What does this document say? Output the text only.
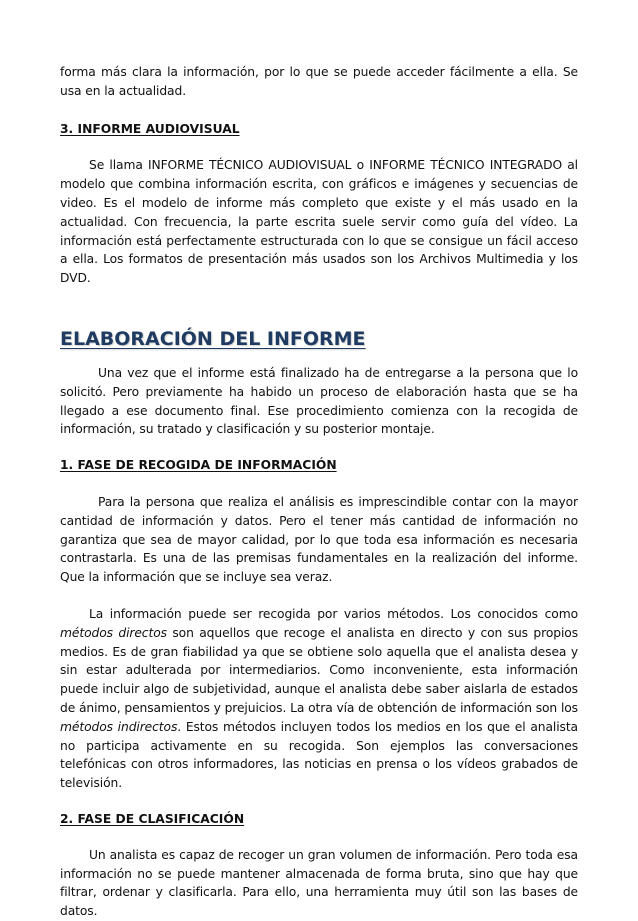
forma más clara la información, por lo que se puede acceder fácilmente a ella. Se usa en la actualidad.

3. INFORME AUDIOVISUAL

Se llama INFORME TÉCNICO AUDIOVISUAL o INFORME TÉCNICO INTEGRADO al modelo que combina información escrita, con gráficos e imágenes y secuencias de video. Es el modelo de informe más completo que existe y el más usado en la actualidad. Con frecuencia, la parte escrita suele servir como guía del vídeo. La información está perfectamente estructurada con lo que se consigue un fácil acceso a ella. Los formatos de presentación más usados son los Archivos Multimedia y los DVD.

ELABORACIÓN DEL INFORME

Una vez que el informe está finalizado ha de entregarse a la persona que lo solicitó. Pero previamente ha habido un proceso de elaboración hasta que se ha llegado a ese documento final. Ese procedimiento comienza con la recogida de información, su tratado y clasificación y su posterior montaje.

1. FASE DE RECOGIDA DE INFORMACIÓN

Para la persona que realiza el análisis es imprescindible contar con la mayor cantidad de información y datos. Pero el tener más cantidad de información no garantiza que sea de mayor calidad, por lo que toda esa información es necesaria contrastarla. Es una de las premisas fundamentales en la realización del informe. Que la información que se incluye sea veraz.

La información puede ser recogida por varios métodos. Los conocidos como métodos directos son aquellos que recoge el analista en directo y con sus propios medios. Es de gran fiabilidad ya que se obtiene solo aquella que el analista desea y sin estar adulterada por intermediarios. Como inconveniente, esta información puede incluir algo de subjetividad, aunque el analista debe saber aislarla de estados de ánimo, pensamientos y prejuicios. La otra vía de obtención de información son los métodos indirectos. Estos métodos incluyen todos los medios en los que el analista no participa activamente en su recogida. Son ejemplos las conversaciones telefónicas con otros informadores, las noticias en prensa o los vídeos grabados de televisión.

2. FASE DE CLASIFICACIÓN

Un analista es capaz de recoger un gran volumen de información. Pero toda esa información no se puede mantener almacenada de forma bruta, sino que hay que filtrar, ordenar y clasificarla. Para ello, una herramienta muy útil son las bases de datos.
